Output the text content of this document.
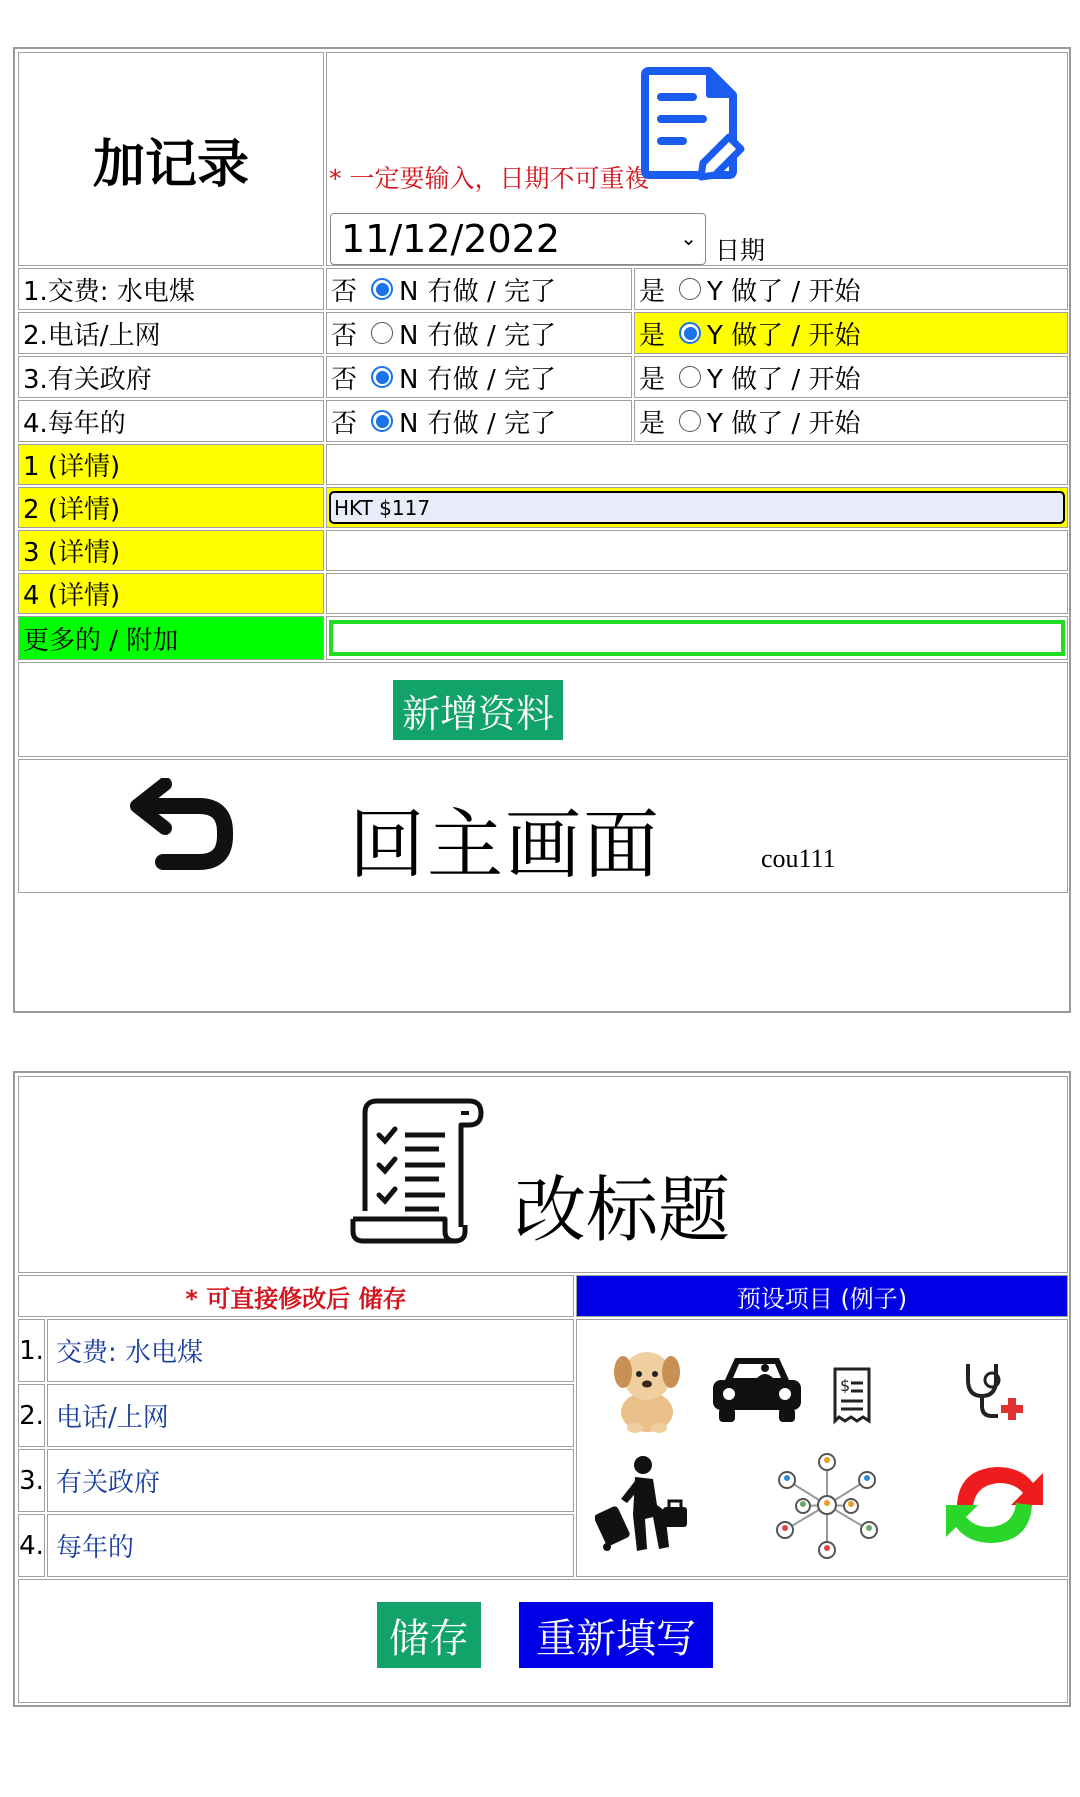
加记录	* 一定要输入，日期不可重複
11/12/2022	⌄ 日期
1.交费: 水电煤	否 N 冇做 / 完了	是 Y 做了 / 开始
2.电话/上网	否 N 冇做 / 完了	是 Y 做了 / 开始
3.有关政府	否 N 冇做 / 完了	是 Y 做了 / 开始
4.每年的	否 N 冇做 / 完了	是 Y 做了 / 开始
1 (详情)
2 (详情)	HKT $117
3 (详情)
4 (详情)
更多的 / 附加
新增资料
回主画面	cou111
改标题
* 可直接修改后 储存	预设项目 (例子)
1. 交费: 水电煤
2. 电话/上网
3. 有关政府
4. 每年的
$
储存	重新填写
